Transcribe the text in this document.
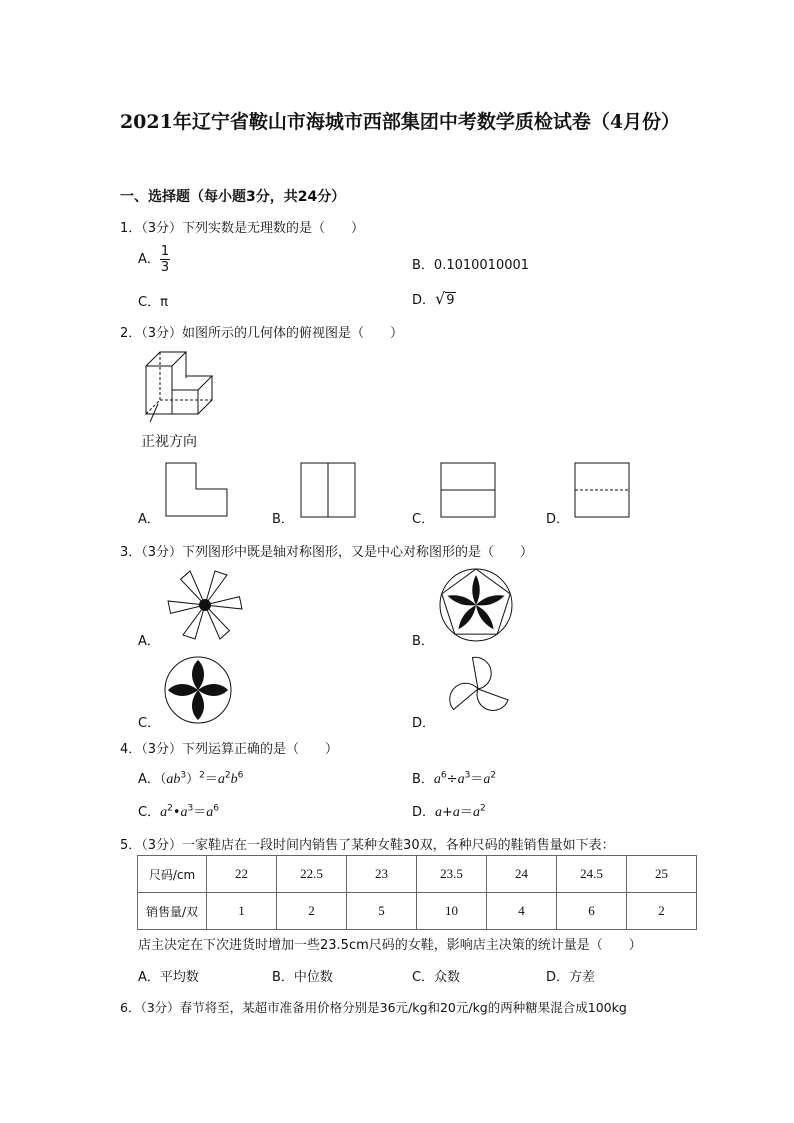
2021年辽宁省鞍山市海城市西部集团中考数学质检试卷（4月份）
一、选择题（每小题3分，共24分）
1．（3分）下列实数是无理数的是（　　）
A． $\frac{1}{3}$	B．0.1010010001
C．π	D．√9
2．（3分）如图所示的几何体的俯视图是（　　）
正视方向
A．	B．	C．	D．
3．（3分）下列图形中既是轴对称图形，又是中心对称图形的是（　　）
A．	B．
C．	D．
4．（3分）下列运算正确的是（　　）
A．$(ab^3)^2=a^2b^6$	B．$a^6\div a^3=a^2$
C．$a^2•a^3=a^6$	D．$a+a=a^2$
5．（3分）一家鞋店在一段时间内销售了某种女鞋30双，各种尺码的鞋销售量如下表：
尺码/cm	22	22.5	23	23.5	24	24.5	25
销售量/双	1	2	5	10	4	6	2
店主决定在下次进货时增加一些23.5cm尺码的女鞋，影响店主决策的统计量是（　　）
A．平均数	B．中位数	C．众数	D．方差
6．（3分）春节将至，某超市准备用价格分别是36元/kg和20元/kg的两种糖果混合成100kg
